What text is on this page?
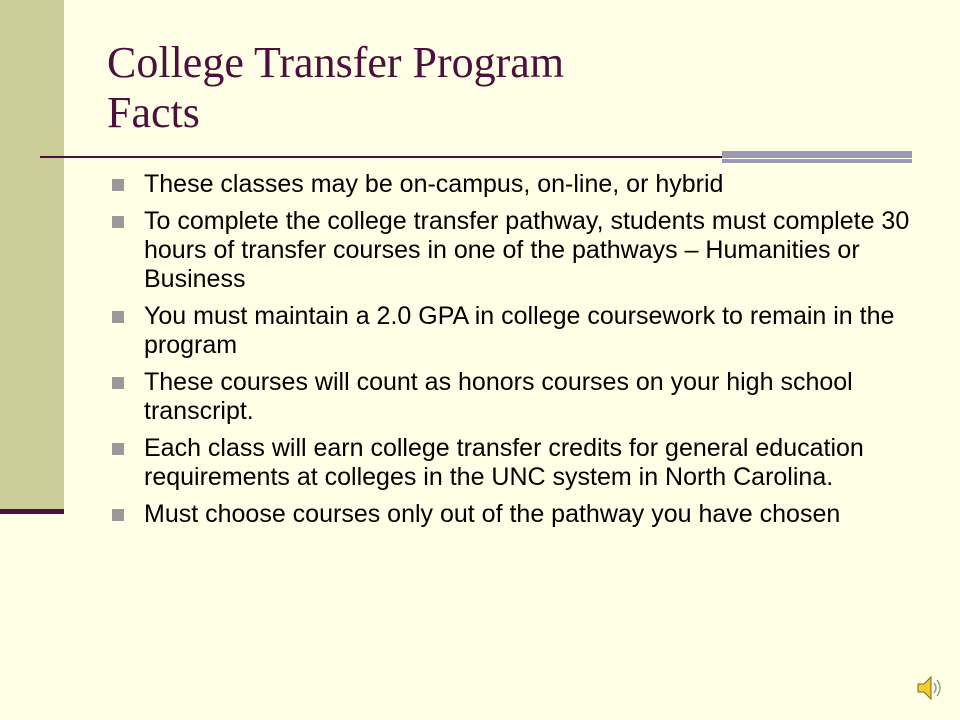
College Transfer Program
Facts
These classes may be on-campus, on-line, or hybrid
To complete the college transfer pathway, students must complete 30 hours of transfer courses in one of the pathways – Humanities or Business
You must maintain a 2.0 GPA in college coursework to remain in the program
These courses will count as honors courses on your high school transcript.
Each class will earn college transfer credits for general education requirements at colleges in the UNC system in North Carolina.
Must choose courses only out of the pathway you have chosen
